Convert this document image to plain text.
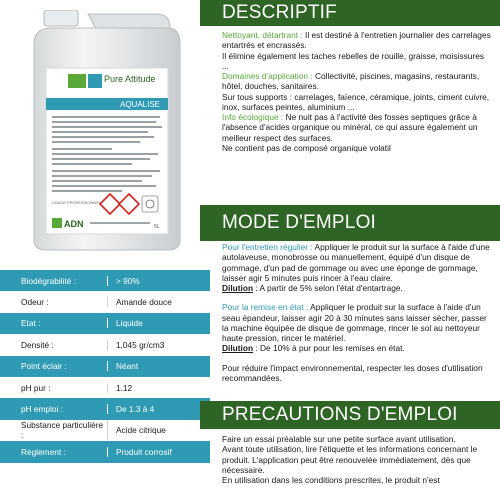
Pure Attitude
AQUALISE
USAGE PROFESSIONNEL
ADN	5L
Biodégrabilité :	> 90%
Odeur :	Amande douce
Etat :	Liquide
Densité :	1,045 gr/cm3
Point éclair :	Néant
pH pur :	1.12
pH emploi :	De 1.3 à 4
Substance particulière :	Acide citrique
Règlement :	Produit corrosif
DESCRIPTIF

Nettoyant, détartrant : Il est destiné à l'entretien journalier des carrelages entartrés et encrassés.

Il élimine également les taches rebelles de rouille, graisse, moisissures ...

Domaines d'application : Collectivité, piscines, magasins, restaurants, hôtel, douches, sanitaires.

Sur tous supports : carrelages, faïence, céramique, joints, ciment cuivre, inox, surfaces peintes, aluminium ...

Info écologique : Ne nuit pas à l'activité des fosses septiques grâce à l'absence d'acides organique ou minéral, ce qui assure également un meilleur respect des surfaces.

Ne contient pas de composé organique volatil

MODE D'EMPLOI

Pour l'entretien régulier : Appliquer le produit sur la surface à l'aide d'une autolaveuse, monobrosse ou manuellement, équipé d'un disque de gommage, d'un pad de gommage ou avec une éponge de gommage, laisser agir 5 minutes puis rincer à l'eau claire.

Dilution : A partir de 5% selon l'état d'entartrage.

Pour la remise en état : Appliquer le produit sur la surface à l'aide d'un seau épandeur, laisser agir 20 à 30 minutes sans laisser sécher, passer la machine équipée de disque de gommage, rincer le sol au nettoyeur haute pression, rincer le matériel.

Dilution : De 10% à pur pour les remises en état.

Pour réduire l'impact environnemental, respecter les doses d'utilisation recommandées.

PRECAUTIONS D'EMPLOI

Faire un essai préalable sur une petite surface avant utilisation.

Avant toute utilisation, lire l'étiquette et les informations concernant le produit. L'application peut être renouvelée immédiatement, dès que nécessaire.

En utilisation dans les conditions prescrites, le produit n'est
